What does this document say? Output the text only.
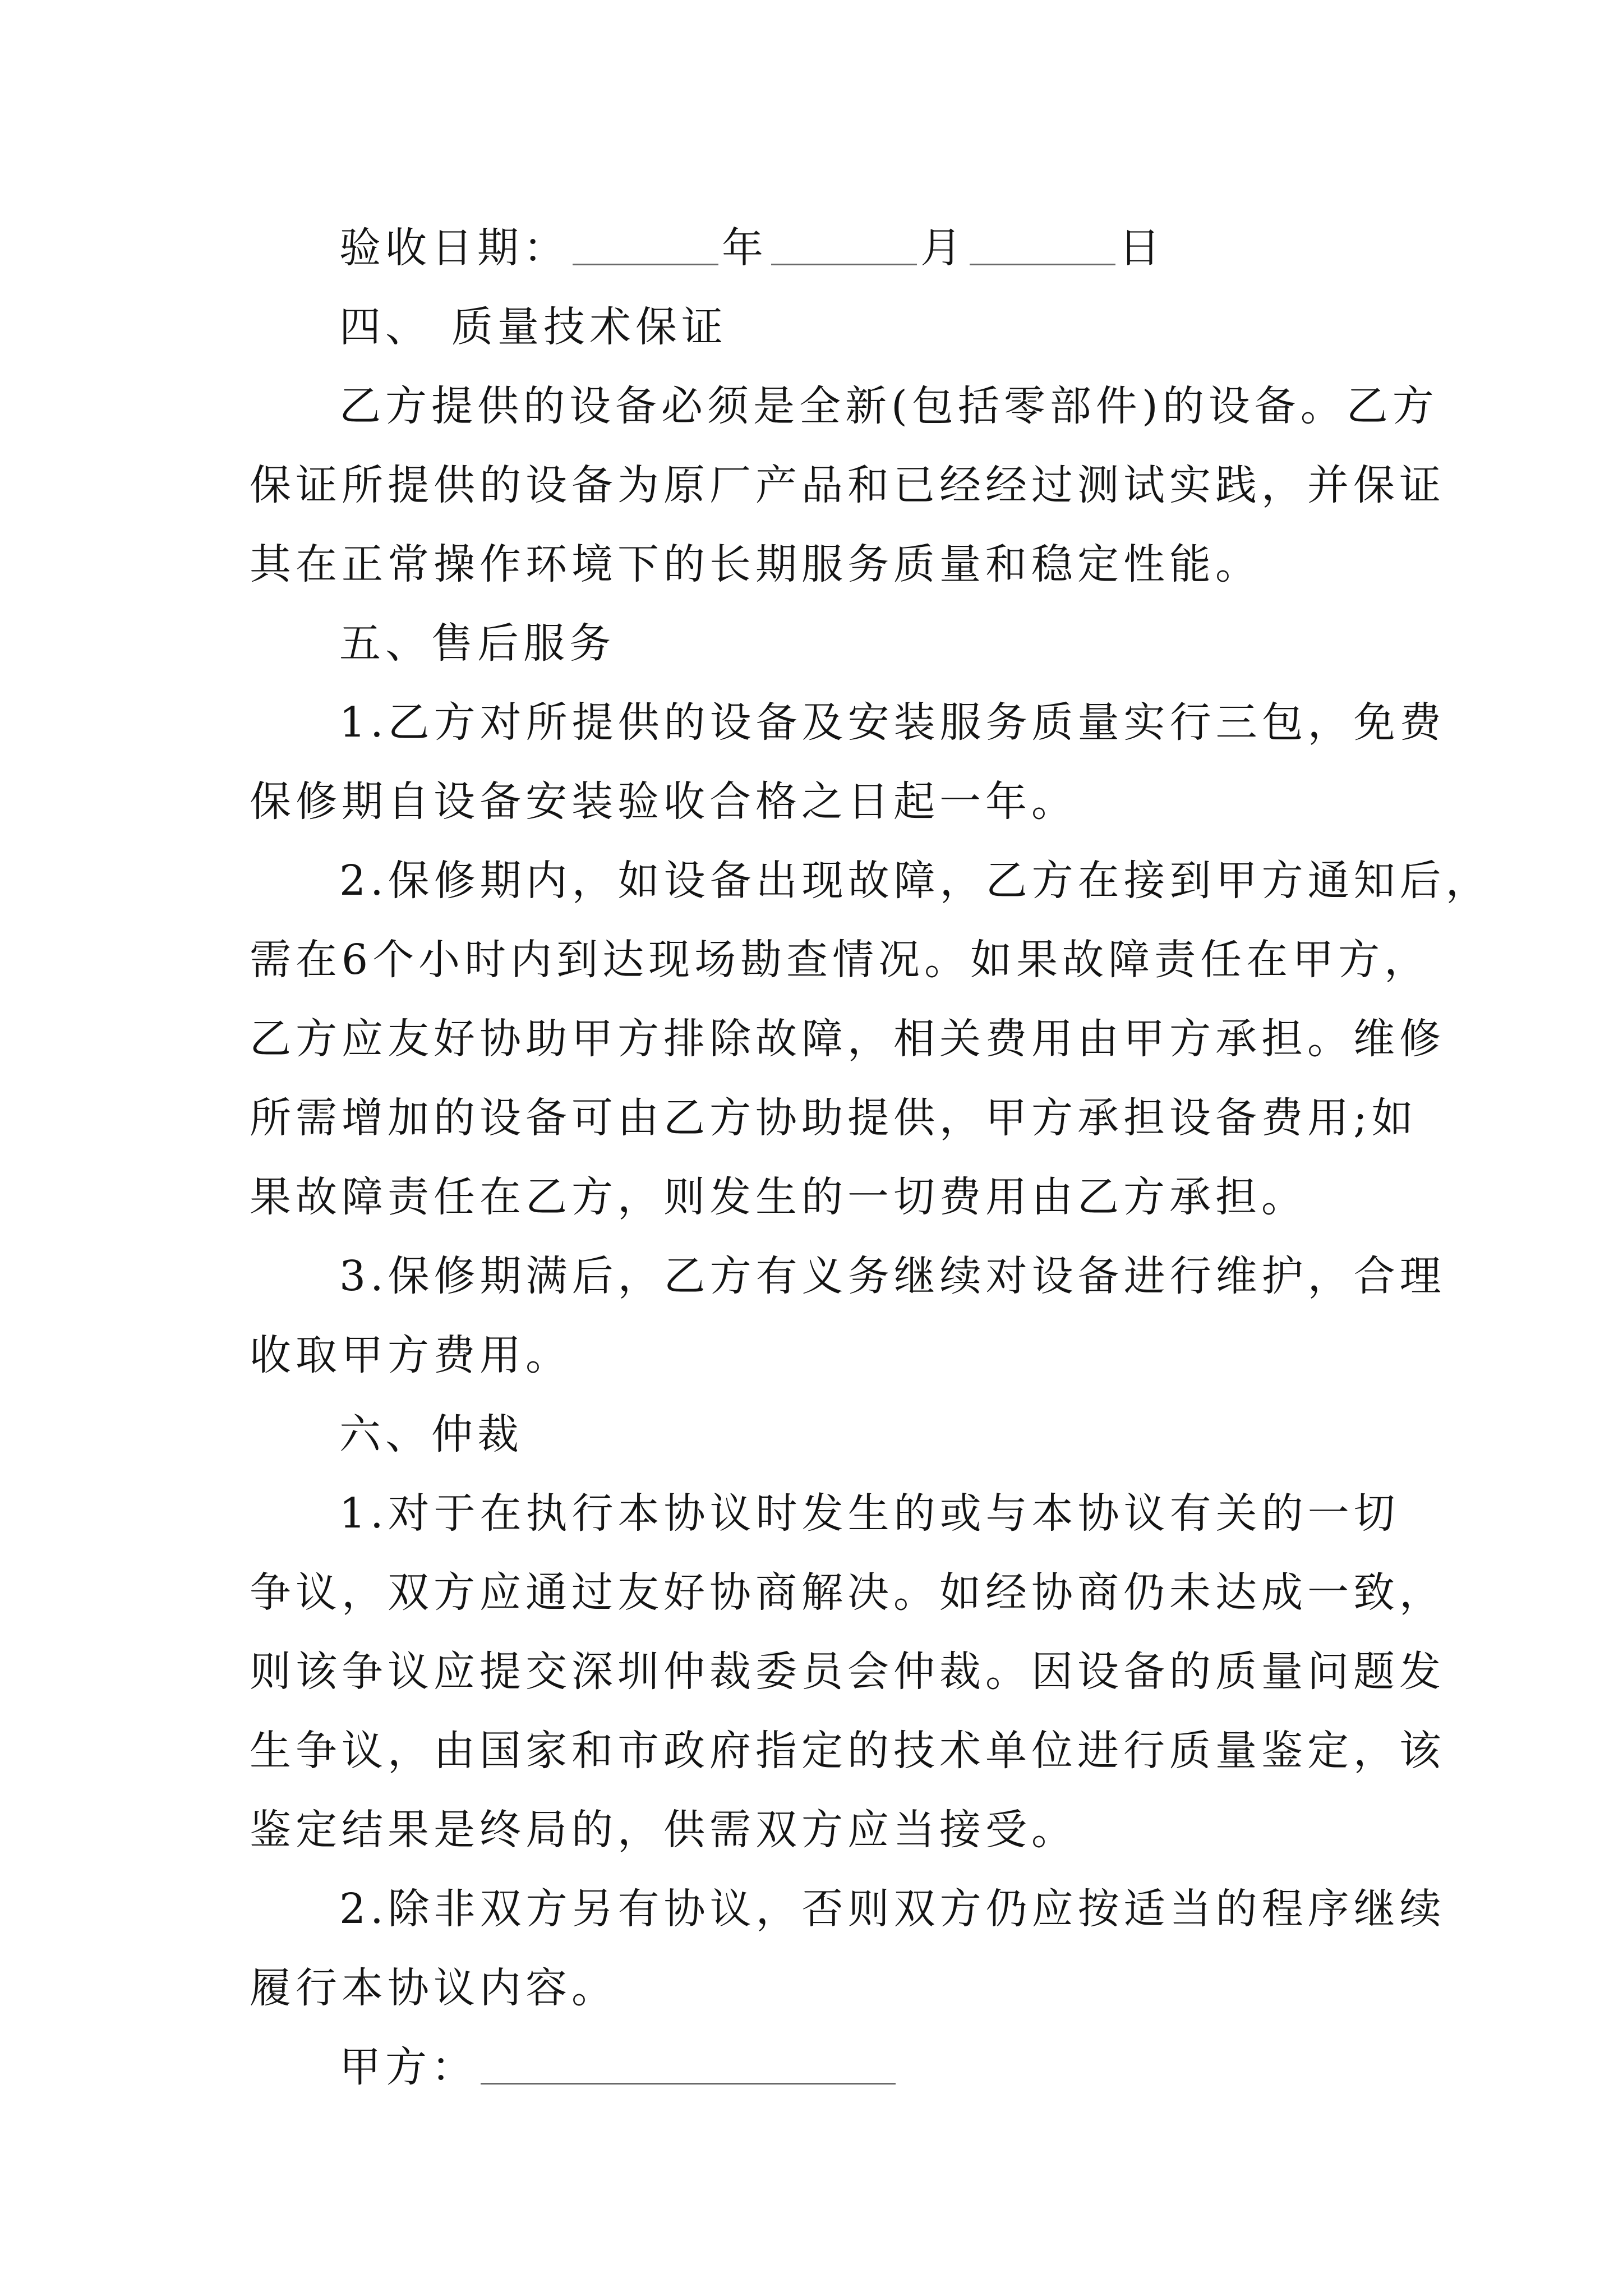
验收日期：	年	月	日
四、 质量技术保证
乙方提供的设备必须是全新(包括零部件)的设备。乙方
保证所提供的设备为原厂产品和已经经过测试实践，并保证
其在正常操作环境下的长期服务质量和稳定性能。
五、售后服务
1.乙方对所提供的设备及安装服务质量实行三包，免费
保修期自设备安装验收合格之日起一年。
2.保修期内，如设备出现故障，乙方在接到甲方通知后，
需在6个小时内到达现场勘查情况。如果故障责任在甲方，
乙方应友好协助甲方排除故障，相关费用由甲方承担。维修
所需增加的设备可由乙方协助提供，甲方承担设备费用;如
果故障责任在乙方，则发生的一切费用由乙方承担。
3.保修期满后，乙方有义务继续对设备进行维护，合理
收取甲方费用。
六、仲裁
1.对于在执行本协议时发生的或与本协议有关的一切
争议，双方应通过友好协商解决。如经协商仍未达成一致，
则该争议应提交深圳仲裁委员会仲裁。因设备的质量问题发
生争议，由国家和市政府指定的技术单位进行质量鉴定，该
鉴定结果是终局的，供需双方应当接受。
2.除非双方另有协议，否则双方仍应按适当的程序继续
履行本协议内容。
甲方：
